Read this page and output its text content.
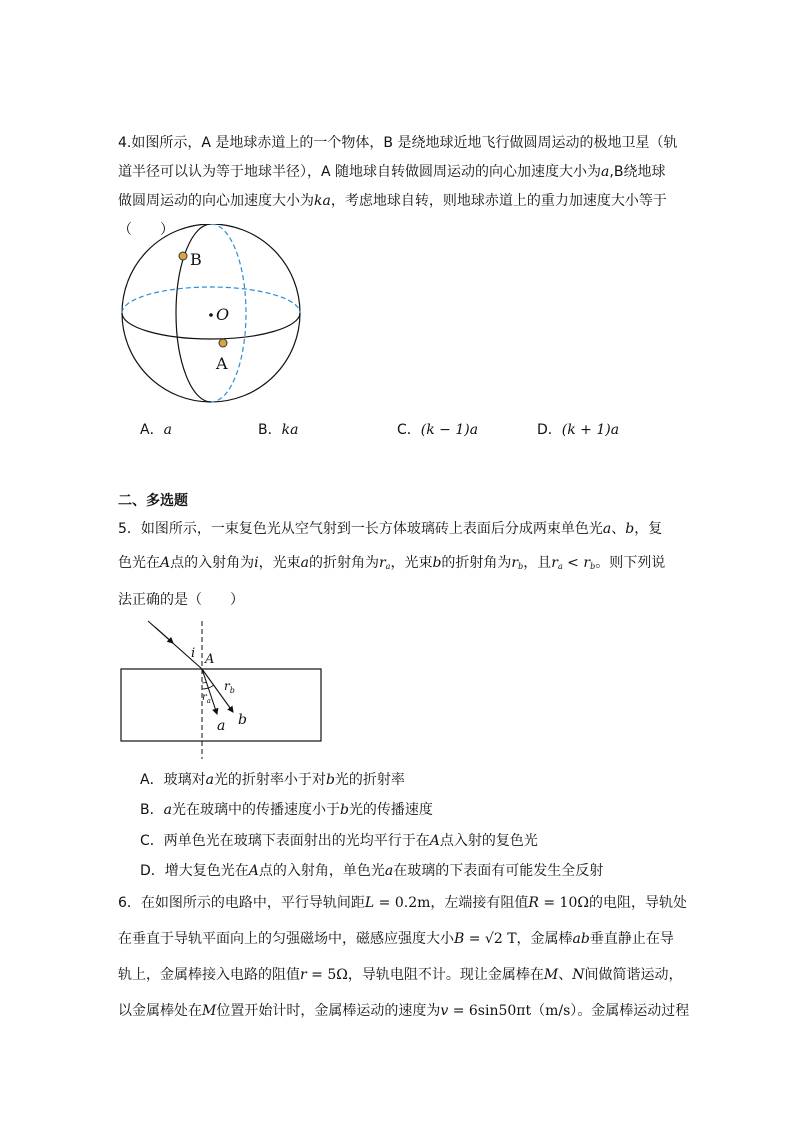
4.如图所示，A 是地球赤道上的一个物体，B 是绕地球近地飞行做圆周运动的极地卫星（轨
道半径可以认为等于地球半径），A 随地球自转做圆周运动的向心加速度大小为a,B绕地球
做圆周运动的向心加速度大小为ka，考虑地球自转，则地球赤道上的重力加速度大小等于
（　　）
B
O
A
A．a	B．ka	C．(k − 1)a	D．(k + 1)a
二、多选题
5．如图所示，一束复色光从空气射到一长方体玻璃砖上表面后分成两束单色光a、b，复
色光在A点的入射角为i，光束a的折射角为$r_a$，光束b的折射角为$r_b$，且$r_a < r_b$。则下列说
法正确的是（　　）
i A
$r_b$
$r_a$
a b
A．玻璃对a光的折射率小于对b光的折射率
B．a光在玻璃中的传播速度小于b光的传播速度
C．两单色光在玻璃下表面射出的光均平行于在A点入射的复色光
D．增大复色光在A点的入射角，单色光a在玻璃的下表面有可能发生全反射
6．在如图所示的电路中，平行导轨间距L = 0.2m，左端接有阻值R = 10Ω的电阻，导轨处
在垂直于导轨平面向上的匀强磁场中，磁感应强度大小B = √2 T，金属棒ab垂直静止在导
轨上，金属棒接入电路的阻值r = 5Ω，导轨电阻不计。现让金属棒在M、N间做简谐运动，
以金属棒处在M位置开始计时，金属棒运动的速度为v = 6sin50πt（m/s）。金属棒运动过程
